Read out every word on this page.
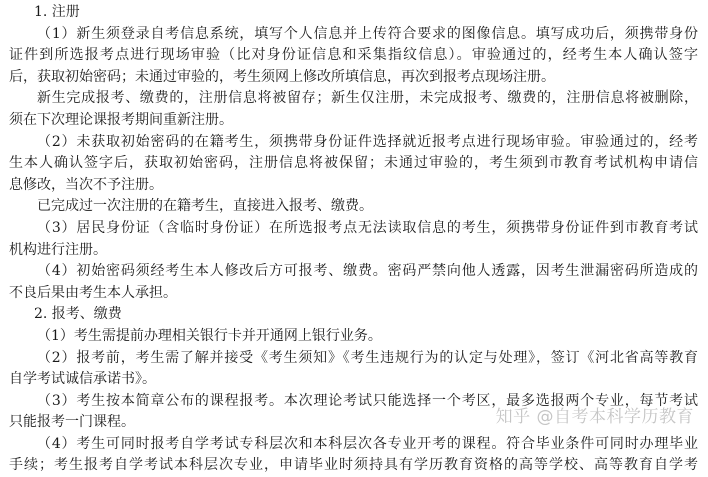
1. 注册
（1）新生须登录自考信息系统，填写个人信息并上传符合要求的图像信息。填写成功后，须携带身份
证件到所选报考点进行现场审验（比对身份证信息和采集指纹信息）。审验通过的，经考生本人确认签字
后，获取初始密码；未通过审验的，考生须网上修改所填信息，再次到报考点现场注册。
新生完成报考、缴费的，注册信息将被留存；新生仅注册，未完成报考、缴费的，注册信息将被删除，
须在下次理论课报考期间重新注册。
（2）未获取初始密码的在籍考生，须携带身份证件选择就近报考点进行现场审验。审验通过的，经考
生本人确认签字后，获取初始密码，注册信息将被保留；未通过审验的，考生须到市教育考试机构申请信
息修改，当次不予注册。
已完成过一次注册的在籍考生，直接进入报考、缴费。
（3）居民身份证（含临时身份证）在所选报考点无法读取信息的考生，须携带身份证件到市教育考试
机构进行注册。
（4）初始密码须经考生本人修改后方可报考、缴费。密码严禁向他人透露，因考生泄漏密码所造成的
不良后果由考生本人承担。
2. 报考、缴费
（1）考生需提前办理相关银行卡并开通网上银行业务。
（2）报考前，考生需了解并接受《考生须知》《考生违规行为的认定与处理》，签订《河北省高等教育
自学考试诚信承诺书》。
（3）考生按本简章公布的课程报考。本次理论考试只能选择一个考区，最多选报两个专业，每节考试
只能报考一门课程。
（4）考生可同时报考自学考试专科层次和本科层次各专业开考的课程。符合毕业条件可同时办理毕业
手续；考生报考自学考试本科层次专业，申请毕业时须持具有学历教育资格的高等学校、高等教育自学考
知乎 @自考本科学历教育
